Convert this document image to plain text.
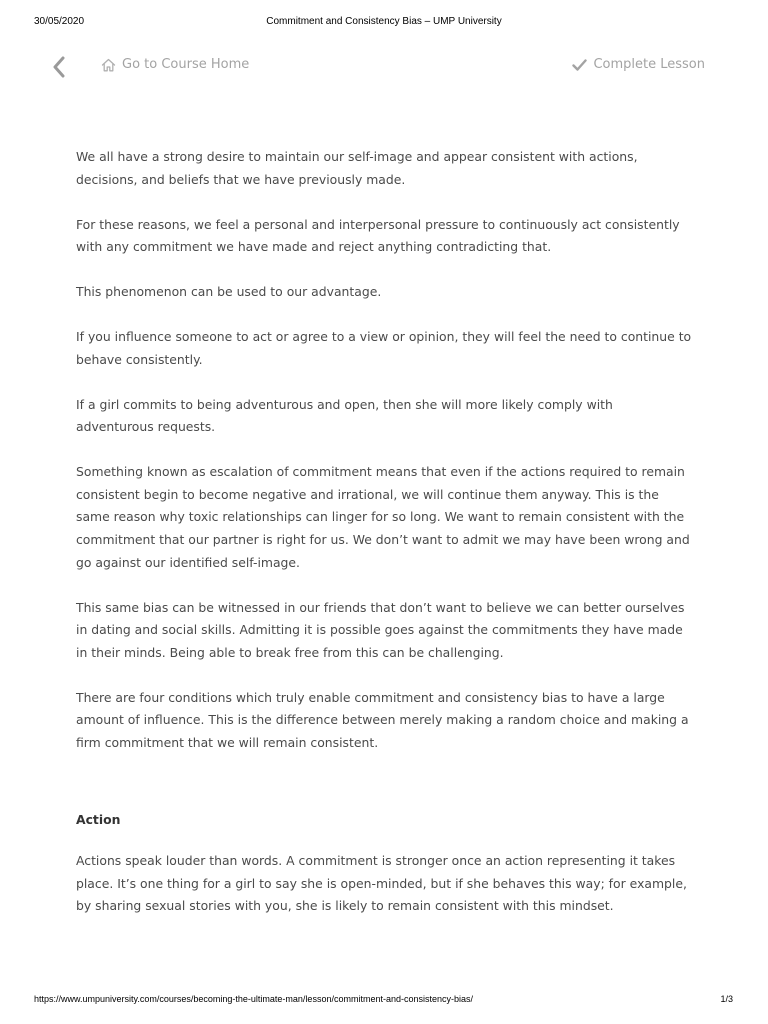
30/05/2020	Commitment and Consistency Bias – UMP University
Go to Course Home	Complete Lesson

We all have a strong desire to maintain our self-image and appear consistent with actions, decisions, and beliefs that we have previously made.

For these reasons, we feel a personal and interpersonal pressure to continuously act consistently with any commitment we have made and reject anything contradicting that.

This phenomenon can be used to our advantage.

If you influence someone to act or agree to a view or opinion, they will feel the need to continue to behave consistently.

If a girl commits to being adventurous and open, then she will more likely comply with adventurous requests.

Something known as escalation of commitment means that even if the actions required to remain consistent begin to become negative and irrational, we will continue them anyway. This is the same reason why toxic relationships can linger for so long. We want to remain consistent with the commitment that our partner is right for us. We don’t want to admit we may have been wrong and go against our identified self-image.

This same bias can be witnessed in our friends that don’t want to believe we can better ourselves in dating and social skills. Admitting it is possible goes against the commitments they have made in their minds. Being able to break free from this can be challenging.

There are four conditions which truly enable commitment and consistency bias to have a large amount of influence. This is the difference between merely making a random choice and making a firm commitment that we will remain consistent.

Action

Actions speak louder than words. A commitment is stronger once an action representing it takes place. It’s one thing for a girl to say she is open-minded, but if she behaves this way; for example, by sharing sexual stories with you, she is likely to remain consistent with this mindset.

https://www.umpuniversity.com/courses/becoming-the-ultimate-man/lesson/commitment-and-consistency-bias/	1/3
